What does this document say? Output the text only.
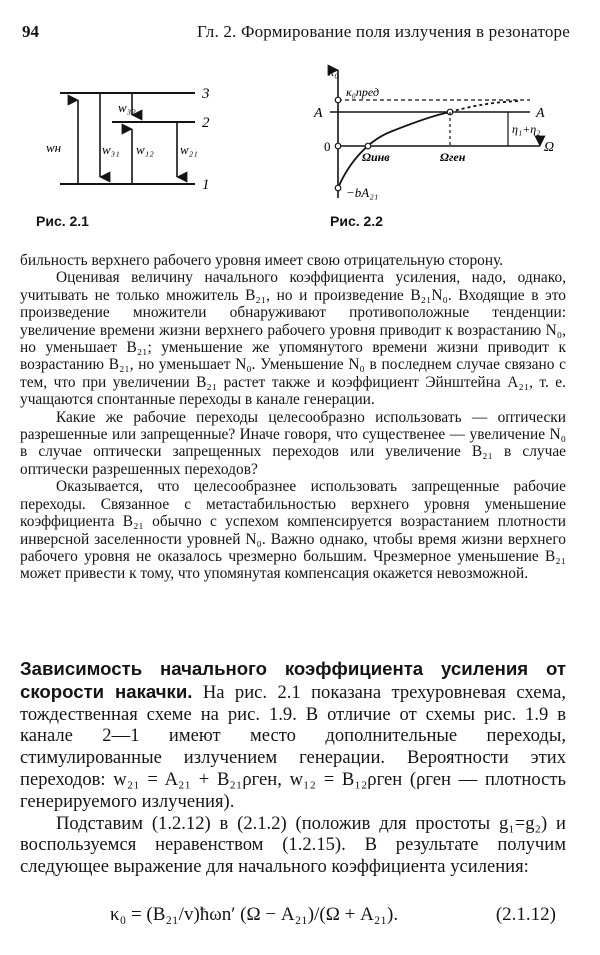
94	Гл. 2. Формирование поля излучения в резонаторе
3
2
1
w₃₂
wн	w₃₁ w₁₂ w₂₁
Рис. 2.1
κ₀
κ₀пред
A	A
η₁+η₂
0
−bA₂₁
Ω
Ωинв	Ωген
Рис. 2.2

бильность верхнего рабочего уровня имеет свою отрицательную сторону.

Оценивая величину начального коэффициента усиления, надо, однако, учитывать не только множитель B₂₁, но и произведение B₂₁N₀. Входящие в это произведение множители обнаруживают противоположные тенденции: увеличение времени жизни верхнего рабочего уровня приводит к возрастанию N₀, но уменьшает B₂₁; уменьшение же упомянутого времени жизни приводит к возрастанию B₂₁, но уменьшает N₀. Уменьшение N₀ в последнем случае связано с тем, что при увеличении B₂₁ растет также и коэффициент Эйнштейна A₂₁, т. е. учащаются спонтанные переходы в канале генерации.

Какие же рабочие переходы целесообразно использовать — оптически разрешенные или запрещенные? Иначе говоря, что существенее — увеличение N₀ в случае оптически запрещенных переходов или увеличение B₂₁ в случае оптически разрешенных переходов?

Оказывается, что целесообразнее использовать запрещенные рабочие переходы. Связанное с метастабильностью верхнего уровня уменьшение коэффициента B₂₁ обычно с успехом компенсируется возрастанием плотности инверсной заселенности уровней N₀. Важно однако, чтобы время жизни верхнего рабочего уровня не оказалось чрезмерно большим. Чрезмерное уменьшение B₂₁ может привести к тому, что упомянутая компенсация окажется невозможной.

Зависимость начального коэффициента усиления от скорости накачки. На рис. 2.1 показана трехуровневая схема, тождественная схеме на рис. 1.9. В отличие от схемы рис. 1.9 в канале 2—1 имеют место дополнительные переходы, стимулированные излучением генерации. Вероятности этих переходов: w₂₁ = A₂₁ + B₂₁ρген, w₁₂ = B₁₂ρген (ρген — плотность генерируемого излучения).

Подставим (1.2.12) в (2.1.2) (положив для простоты g₁=g₂) и воспользуемся неравенством (1.2.15). В результате получим следующее выражение для начального коэффициента усиления:

κ₀ = (B₂₁/v)ħωn′ (Ω − A₂₁)/(Ω + A₂₁).	(2.1.12)
